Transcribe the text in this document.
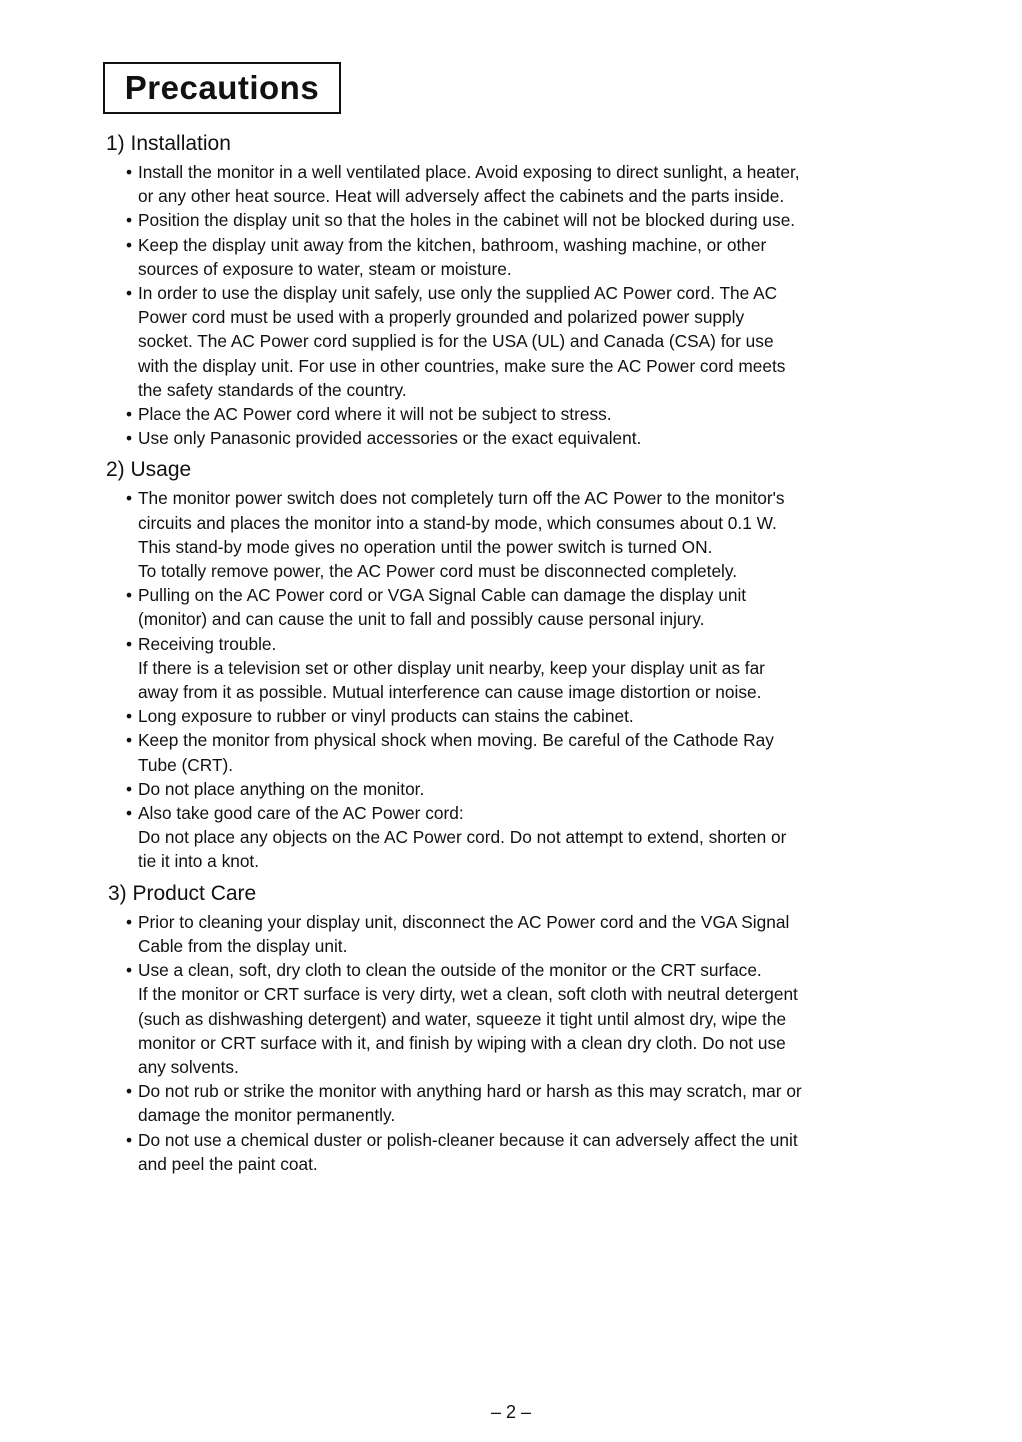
Precautions
1) Installation
• Install the monitor in a well ventilated place. Avoid exposing to direct sunlight, a heater,
or any other heat source. Heat will adversely affect the cabinets and the parts inside.
• Position the display unit so that the holes in the cabinet will not be blocked during use.
• Keep the display unit away from the kitchen, bathroom, washing machine, or other
sources of exposure to water, steam or moisture.
• In order to use the display unit safely, use only the supplied AC Power cord. The AC
Power cord must be used with a properly grounded and polarized power supply
socket. The AC Power cord supplied is for the USA (UL) and Canada (CSA) for use
with the display unit. For use in other countries, make sure the AC Power cord meets
the safety standards of the country.
• Place the AC Power cord where it will not be subject to stress.
• Use only Panasonic provided accessories or the exact equivalent.
2) Usage
• The monitor power switch does not completely turn off the AC Power to the monitor's
circuits and places the monitor into a stand-by mode, which consumes about 0.1 W.
This stand-by mode gives no operation until the power switch is turned ON.
To totally remove power, the AC Power cord must be disconnected completely.
• Pulling on the AC Power cord or VGA Signal Cable can damage the display unit
(monitor) and can cause the unit to fall and possibly cause personal injury.
• Receiving trouble.
If there is a television set or other display unit nearby, keep your display unit as far
away from it as possible. Mutual interference can cause image distortion or noise.
• Long exposure to rubber or vinyl products can stains the cabinet.
• Keep the monitor from physical shock when moving. Be careful of the Cathode Ray
Tube (CRT).
• Do not place anything on the monitor.
• Also take good care of the AC Power cord:
Do not place any objects on the AC Power cord. Do not attempt to extend, shorten or
tie it into a knot.
3) Product Care
• Prior to cleaning your display unit, disconnect the AC Power cord and the VGA Signal
Cable from the display unit.
• Use a clean, soft, dry cloth to clean the outside of the monitor or the CRT surface.
If the monitor or CRT surface is very dirty, wet a clean, soft cloth with neutral detergent
(such as dishwashing detergent) and water, squeeze it tight until almost dry, wipe the
monitor or CRT surface with it, and finish by wiping with a clean dry cloth. Do not use
any solvents.
• Do not rub or strike the monitor with anything hard or harsh as this may scratch, mar or
damage the monitor permanently.
• Do not use a chemical duster or polish-cleaner because it can adversely affect the unit
and peel the paint coat.
– 2 –
